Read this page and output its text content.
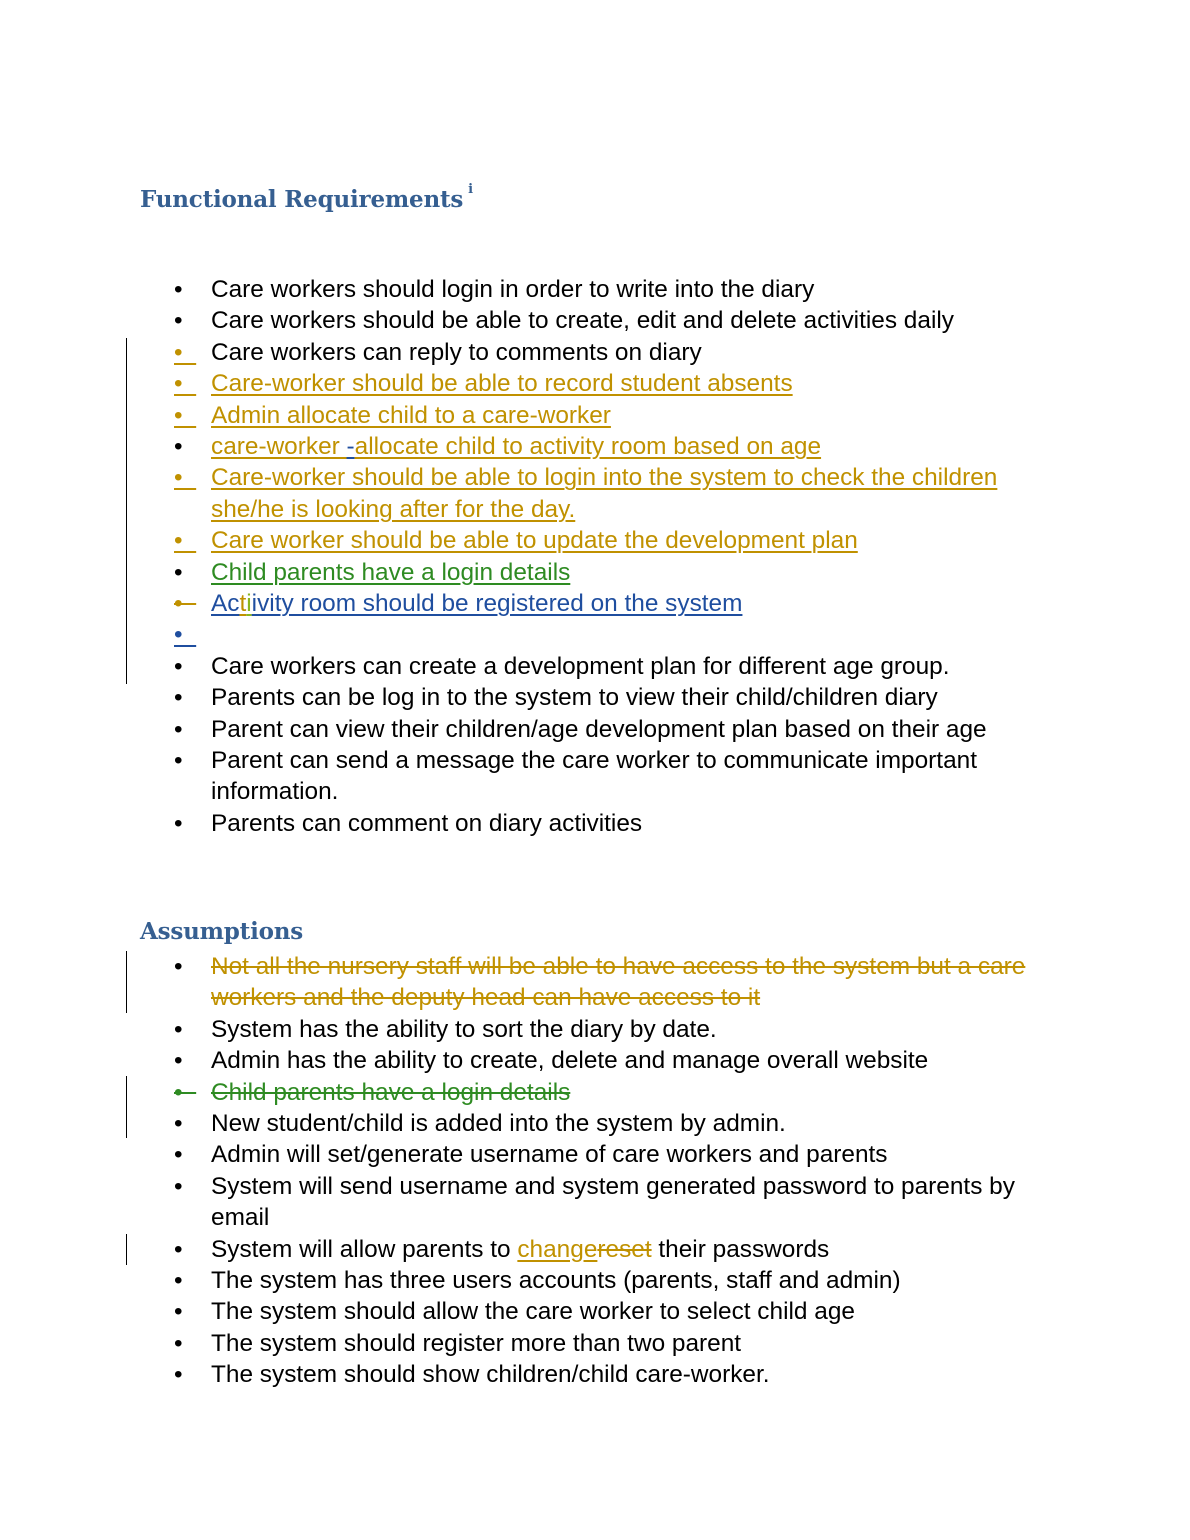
Functional Requirements $^i$
•	Care workers should login in order to write into the diary
•	Care workers should be able to create, edit and delete activities daily
• Care workers can reply to comments on diary
• Care-worker should be able to record student absents
• Admin allocate child to a care-worker
•	care-worker -allocate child to activity room based on age
• Care-worker should be able to login into the system to check the children she/he is looking after for the day.
• Care worker should be able to update the development plan
•	Child parents have a login details
• Actiivity room should be registered on the system
•
•	Care workers can create a development plan for different age group.
•	Parents can be log in to the system to view their child/children diary
•	Parent can view their children/age development plan based on their age
•	Parent can send a message the care worker to communicate important information.
•	Parents can comment on diary activities
Assumptions
•	Not all the nursery staff will be able to have access to the system but a care workers and the deputy head can have access to it
•	System has the ability to sort the diary by date.
•	Admin has the ability to create, delete and manage overall website
• Child parents have a login details
•	New student/child is added into the system by admin.
•	Admin will set/generate username of care workers and parents
•	System will send username and system generated password to parents by email
•	System will allow parents to changereset their passwords
•	The system has three users accounts (parents, staff and admin)
•	The system should allow the care worker to select child age
•	The system should register more than two parent
•	The system should show children/child care-worker.
